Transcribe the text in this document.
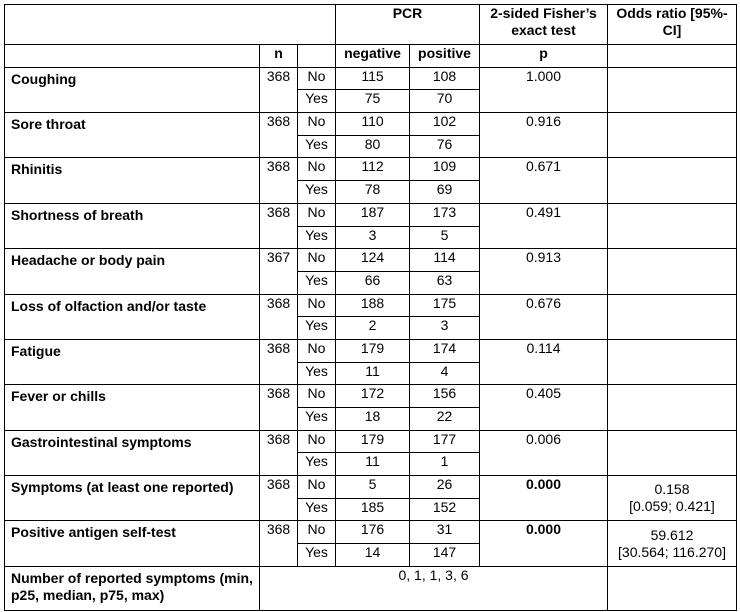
			PCR		2-sided Fisher’s exact test	Odds ratio [95%-CI]
	n		negative	positive	p	
Coughing	368	No	115	108	1.000	

		Yes	75	70		
Sore throat	368	No	110	102	0.916	

		Yes	80	76		
Rhinitis	368	No	112	109	0.671	

		Yes	78	69		
Shortness of breath	368	No	187	173	0.491	

		Yes	3	5		
Headache or body pain	367	No	124	114	0.913	

		Yes	66	63		
Loss of olfaction and/or taste	368	No	188	175	0.676	

		Yes	2	3		
Fatigue	368	No	179	174	0.114	

		Yes	11	4		
Fever or chills	368	No	172	156	0.405	

		Yes	18	22		
Gastrointestinal symptoms	368	No	179	177	0.006	

		Yes	11	1		
Symptoms (at least one reported)	368	No	5	26	0.000	0.158
[0.059; 0.421]

		Yes	185	152		
Positive antigen self-test	368	No	176	31	0.000	59.612
[30.564; 116.270]

		Yes	14	147		
Number of reported symptoms (min, p25, median, p75, max)	0, 1, 1, 3, 6					
